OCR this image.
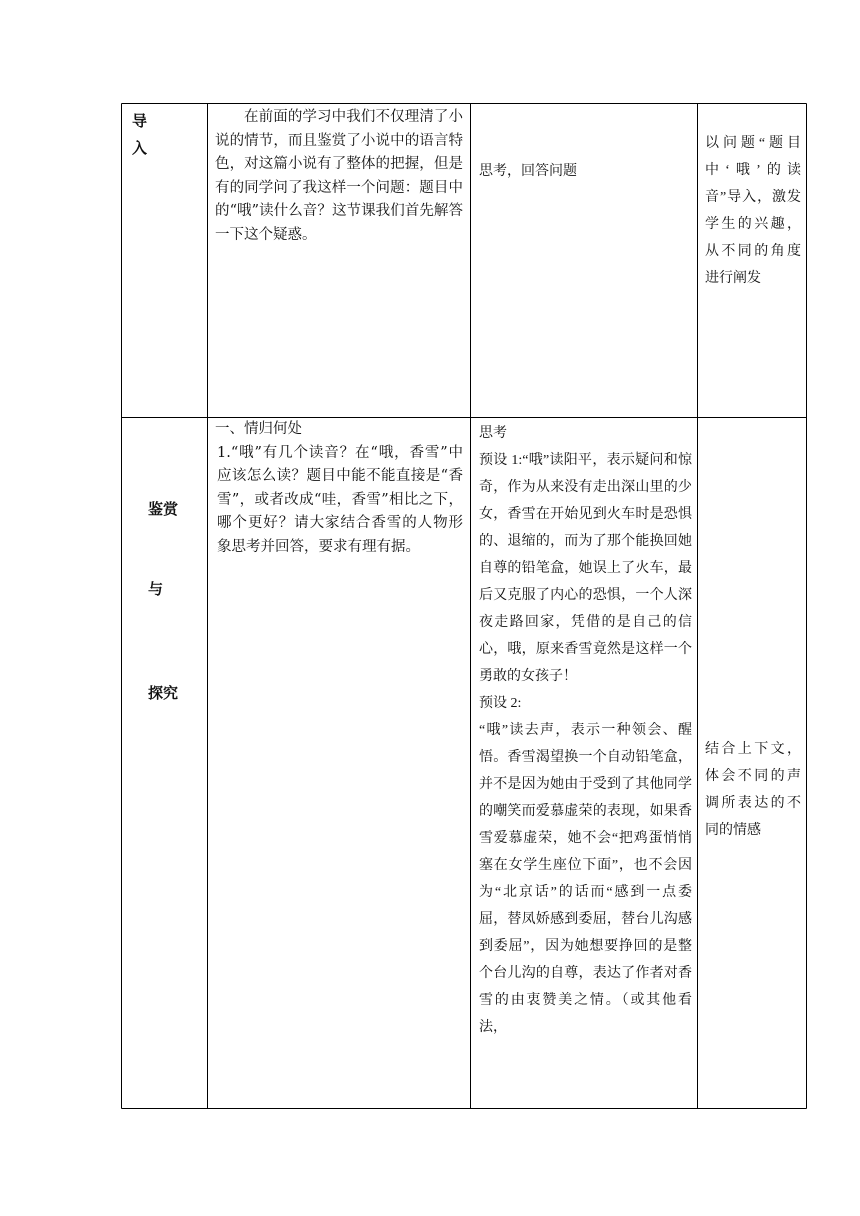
导
入

在前面的学习中我们不仅理清了小说的情节，而且鉴赏了小说中的语言特色，对这篇小说有了整体的把握，但是有的同学问了我这样一个问题：题目中的“哦”读什么音？这节课我们首先解答一下这个疑惑。

思考，回答问题

以问题“题目中‘哦’的读音”导入，激发学生的兴趣，从不同的角度进行阐发

鉴赏
与
探究

一、情归何处

1.“哦”有几个读音？在“哦，香雪”中应该怎么读？题目中能不能直接是“香雪”，或者改成“哇，香雪”相比之下，哪个更好？请大家结合香雪的人物形象思考并回答，要求有理有据。

思考

预设 1:“哦”读阳平，表示疑问和惊奇，作为从来没有走出深山里的少女，香雪在开始见到火车时是恐惧的、退缩的，而为了那个能换回她自尊的铅笔盒，她误上了火车，最后又克服了内心的恐惧，一个人深夜走路回家，凭借的是自己的信心，哦，原来香雪竟然是这样一个勇敢的女孩子！

预设 2:

“哦”读去声，表示一种领会、醒悟。香雪渴望换一个自动铅笔盒，并不是因为她由于受到了其他同学的嘲笑而爱慕虚荣的表现，如果香雪爱慕虚荣，她不会“把鸡蛋悄悄塞在女学生座位下面”，也不会因为“北京话”的话而“感到一点委屈，替凤娇感到委屈，替台儿沟感到委屈”，因为她想要挣回的是整个台儿沟的自尊，表达了作者对香雪的由衷赞美之情。（或其他看法，

结合上下文，体会不同的声调所表达的不同的情感
